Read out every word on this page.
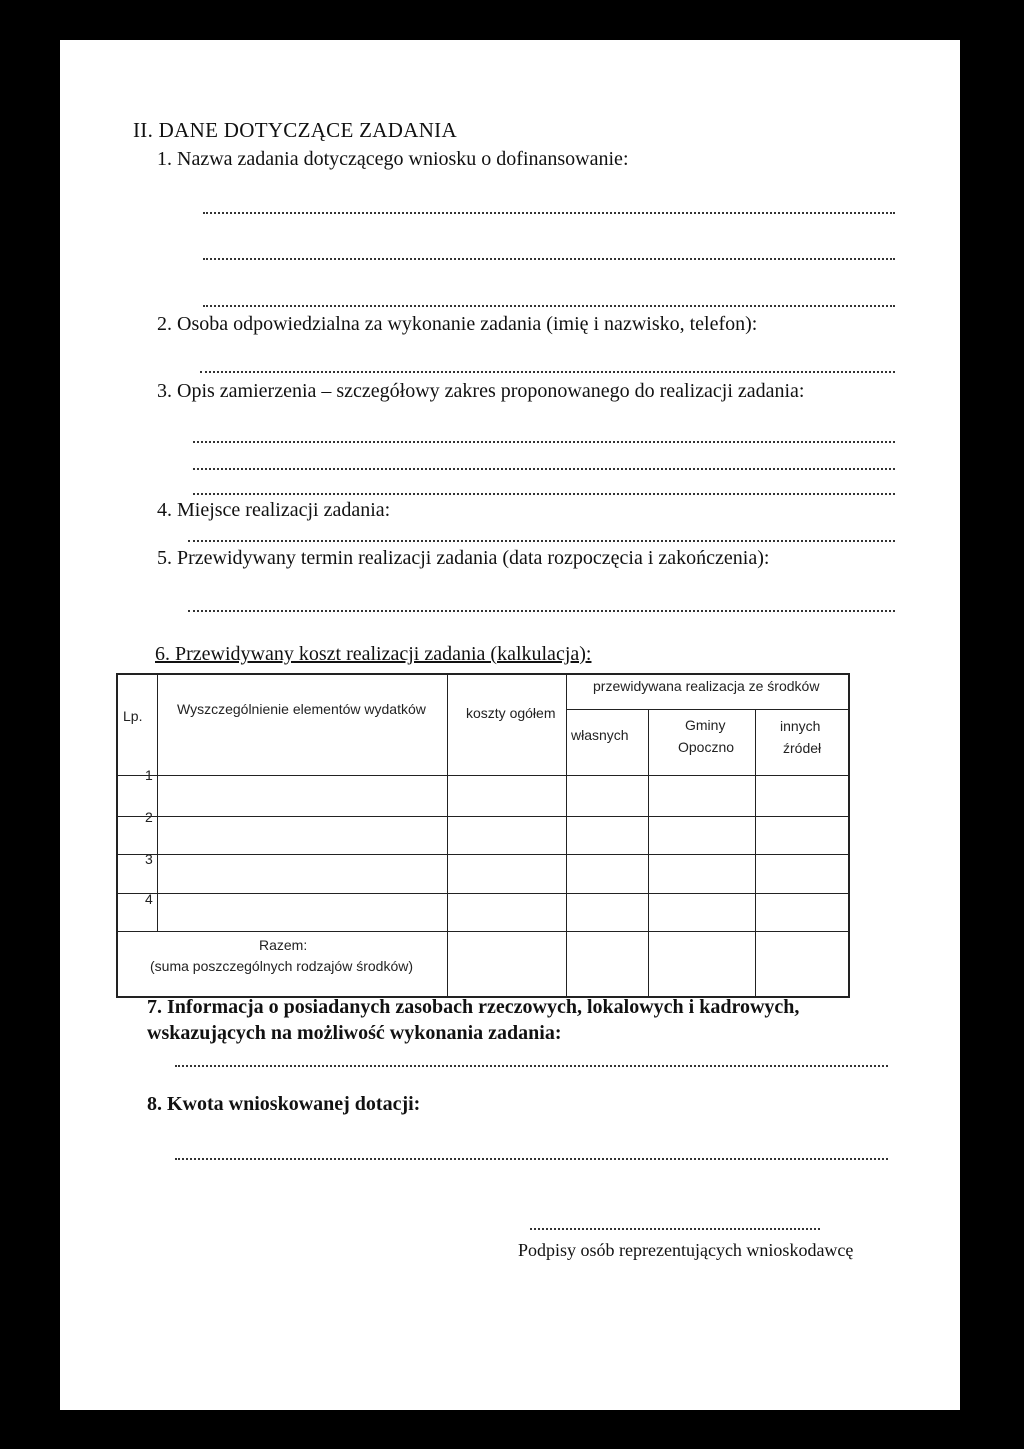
II. DANE DOTYCZĄCE ZADANIA
1. Nazwa zadania dotyczącego wniosku o dofinansowanie:
2. Osoba odpowiedzialna za wykonanie zadania (imię i nazwisko, telefon):
3. Opis zamierzenia – szczegółowy zakres proponowanego do realizacji zadania:
4. Miejsce realizacji zadania:
5. Przewidywany termin realizacji zadania (data rozpoczęcia i zakończenia):
6. Przewidywany koszt realizacji zadania (kalkulacja):
Lp. Wyszczególnienie elementów wydatków	koszty ogółem
przewidywana realizacja ze środków
własnych
Gminy
Opoczno
innych
źródeł
1
2
3
4
Razem:
(suma poszczególnych rodzajów środków)
7. Informacja o posiadanych zasobach rzeczowych, lokalowych i kadrowych,
wskazujących na możliwość wykonania zadania:
8. Kwota wnioskowanej dotacji:
Podpisy osób reprezentujących wnioskodawcę
